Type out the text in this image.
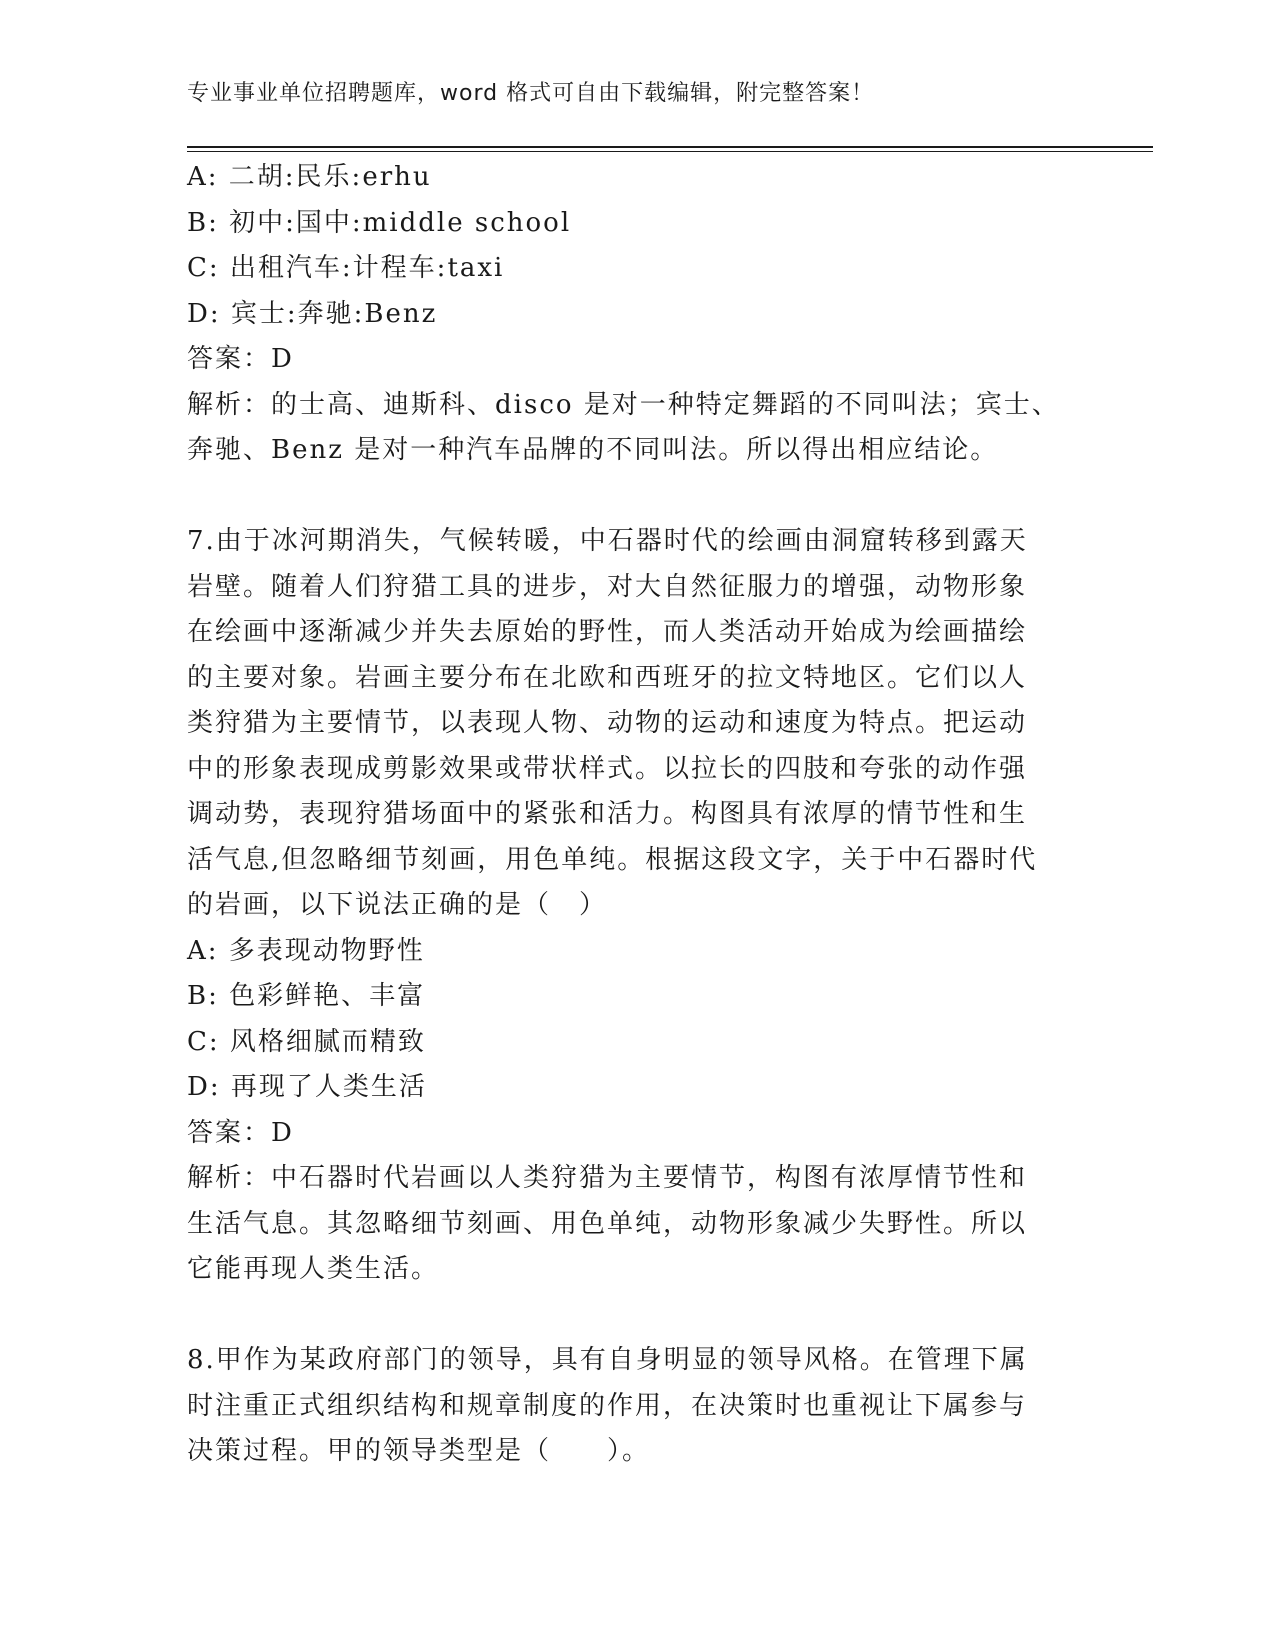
专业事业单位招聘题库，word 格式可自由下载编辑，附完整答案！
A: 二胡:民乐:erhu
B: 初中:国中:middle school
C: 出租汽车:计程车:taxi
D: 宾士:奔驰:Benz
答案：D
解析：的士高、迪斯科、disco 是对一种特定舞蹈的不同叫法；宾士、
奔驰、Benz 是对一种汽车品牌的不同叫法。所以得出相应结论。
7.由于冰河期消失，气候转暖，中石器时代的绘画由洞窟转移到露天
岩壁。随着人们狩猎工具的进步，对大自然征服力的增强，动物形象
在绘画中逐渐减少并失去原始的野性，而人类活动开始成为绘画描绘
的主要对象。岩画主要分布在北欧和西班牙的拉文特地区。它们以人
类狩猎为主要情节，以表现人物、动物的运动和速度为特点。把运动
中的形象表现成剪影效果或带状样式。以拉长的四肢和夸张的动作强
调动势，表现狩猎场面中的紧张和活力。构图具有浓厚的情节性和生
活气息,但忽略细节刻画，用色单纯。根据这段文字，关于中石器时代
的岩画，以下说法正确的是（　）
A: 多表现动物野性
B: 色彩鲜艳、丰富
C: 风格细腻而精致
D: 再现了人类生活
答案：D
解析：中石器时代岩画以人类狩猎为主要情节，构图有浓厚情节性和
生活气息。其忽略细节刻画、用色单纯，动物形象减少失野性。所以
它能再现人类生活。
8.甲作为某政府部门的领导，具有自身明显的领导风格。在管理下属
时注重正式组织结构和规章制度的作用，在决策时也重视让下属参与
决策过程。甲的领导类型是（　　）。
